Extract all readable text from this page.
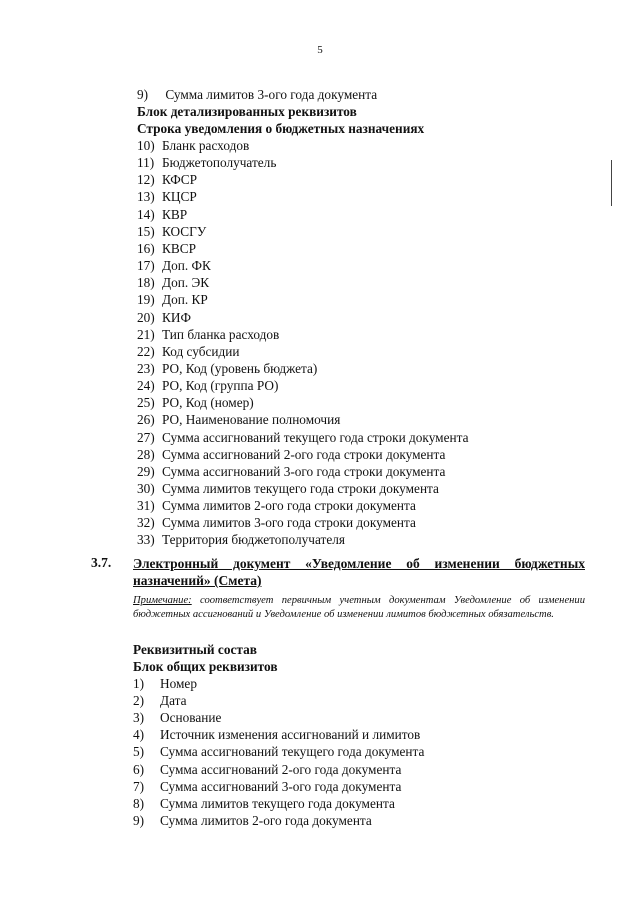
5
9) Сумма лимитов 3-ого года документа
Блок детализированных реквизитов
Строка уведомления о бюджетных назначениях
10) Бланк расходов
11) Бюджетополучатель
12) КФСР
13) КЦСР
14) КВР
15) КОСГУ
16) КВСР
17) Доп. ФК
18) Доп. ЭК
19) Доп. КР
20) КИФ
21) Тип бланка расходов
22) Код субсидии
23) РО, Код (уровень бюджета)
24) РО, Код (группа РО)
25) РО, Код (номер)
26) РО, Наименование полномочия
27) Сумма ассигнований текущего года строки документа
28) Сумма ассигнований 2-ого года строки документа
29) Сумма ассигнований 3-ого года строки документа
30) Сумма лимитов текущего года строки документа
31) Сумма лимитов 2-ого года строки документа
32) Сумма лимитов 3-ого года строки документа
33) Территория бюджетополучателя
3.7. Электронный документ «Уведомление об изменении бюджетных назначений» (Смета)
Примечание: соответствует первичным учетным документам Уведомление об изменении бюджетных ассигнований и Уведомление об изменении лимитов бюджетных обязательств.
Реквизитный состав
Блок общих реквизитов
1) Номер
2) Дата
3) Основание
4) Источник изменения ассигнований и лимитов
5) Сумма ассигнований текущего года документа
6) Сумма ассигнований 2-ого года документа
7) Сумма ассигнований 3-ого года документа
8) Сумма лимитов текущего года документа
9) Сумма лимитов 2-ого года документа
